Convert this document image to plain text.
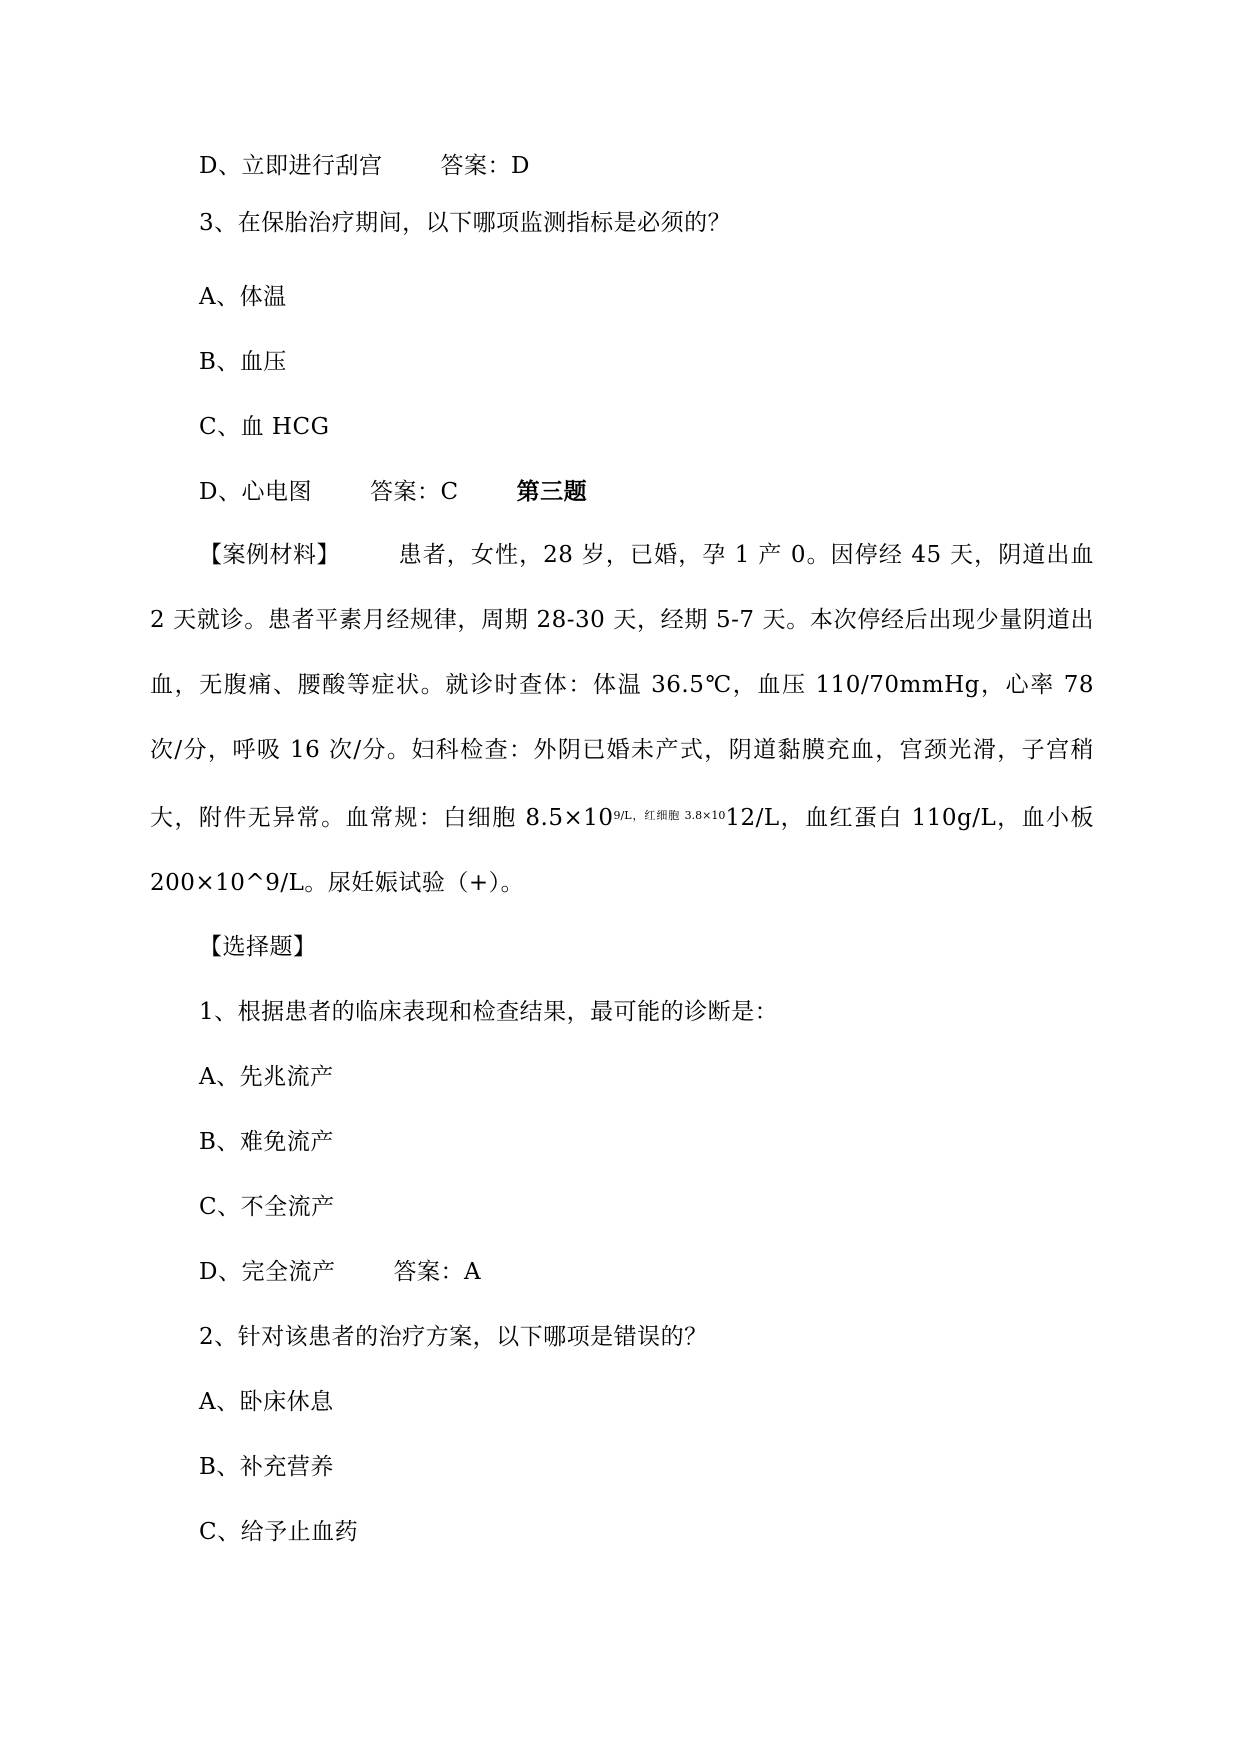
D、立即进行刮宫	答案：D
3、在保胎治疗期间，以下哪项监测指标是必须的？
A、体温
B、血压
C、血 HCG
D、心电图	答案：C	第三题
【案例材料】	患者，女性，28 岁，已婚，孕 1 产 0。因停经 45 天，阴道出血 2 天就诊。患者平素月经规律，周期 28-30 天，经期 5-7 天。本次停经后出现少量阴道出血，无腹痛、腰酸等症状。就诊时查体：体温 36.5℃，血压 110/70mmHg，心率 78 次/分，呼吸 16 次/分。妇科检查：外阴已婚未产式，阴道黏膜充血，宫颈光滑，子宫稍大，附件无异常。血常规：白细胞 $8.5\times 10^{9/L,红细胞 3.8\times 10}12/L$，血红蛋白 110g/L，血小板 200×10^9/L。尿妊娠试验（+）。
【选择题】
1、根据患者的临床表现和检查结果，最可能的诊断是：
A、先兆流产
B、难免流产
C、不全流产
D、完全流产	答案：A
2、针对该患者的治疗方案，以下哪项是错误的？
A、卧床休息
B、补充营养
C、给予止血药
